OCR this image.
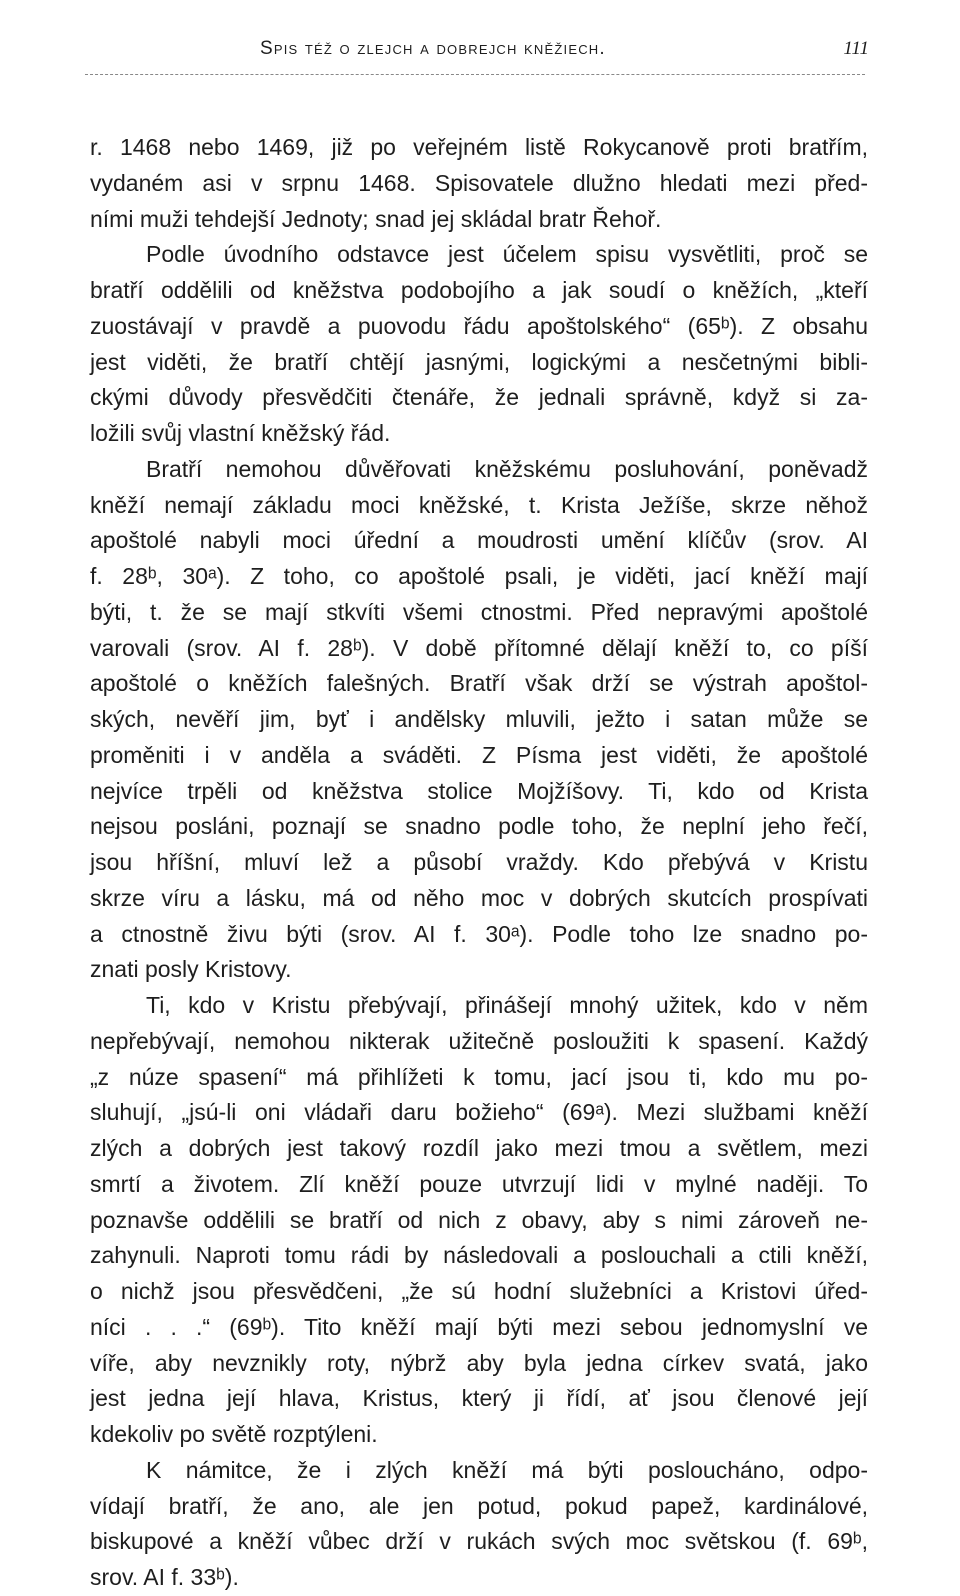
Spis též o zlejch a dobrejch kněžiech.	111
r. 1468 nebo 1469, již po veřejném listě Rokycanově proti bratřím,
vydaném asi v srpnu 1468. Spisovatele dlužno hledati mezi před-
ními muži tehdejší Jednoty; snad jej skládal bratr Řehoř.
Podle úvodního odstavce jest účelem spisu vysvětliti, proč se
bratří oddělili od kněžstva podobojího a jak soudí o kněžích, „kteří
zuostávají v pravdě a puovodu řádu apoštolského“ (65ᵇ). Z obsahu
jest viděti, že bratří chtějí jasnými, logickými a nesčetnými bibli-
ckými důvody přesvědčiti čtenáře, že jednali správně, když si za-
ložili svůj vlastní kněžský řád.
Bratří nemohou důvěřovati kněžskému posluhování, poněvadž
kněží nemají základu moci kněžské, t. Krista Ježíše, skrze něhož
apoštolé nabyli moci úřední a moudrosti umění klíčův (srov. AI
f. 28ᵇ, 30ᵃ). Z toho, co apoštolé psali, je viděti, jací kněží mají
býti, t. že se mají stkvíti všemi ctnostmi. Před nepravými apoštolé
varovali (srov. AI f. 28ᵇ). V době přítomné dělají kněží to, co píší
apoštolé o kněžích falešných. Bratří však drží se výstrah apoštol-
ských, nevěří jim, byť i andělsky mluvili, ježto i satan může se
proměniti i v anděla a sváděti. Z Písma jest viděti, že apoštolé
nejvíce trpěli od kněžstva stolice Mojžíšovy. Ti, kdo od Krista
nejsou posláni, poznají se snadno podle toho, že neplní jeho řečí,
jsou hříšní, mluví lež a působí vraždy. Kdo přebývá v Kristu
skrze víru a lásku, má od něho moc v dobrých skutcích prospívati
a ctnostně živu býti (srov. AI f. 30ᵃ). Podle toho lze snadno po-
znati posly Kristovy.
Ti, kdo v Kristu přebývají, přinášejí mnohý užitek, kdo v něm
nepřebývají, nemohou nikterak užitečně posloužiti k spasení. Každý
„z núze spasení“ má přihlížeti k tomu, jací jsou ti, kdo mu po-
sluhují, „jsú-li oni vládaři daru božieho“ (69ᵃ). Mezi službami kněží
zlých a dobrých jest takový rozdíl jako mezi tmou a světlem, mezi
smrtí a životem. Zlí kněží pouze utvrzují lidi v mylné naději. To
poznavše oddělili se bratří od nich z obavy, aby s nimi zároveň ne-
zahynuli. Naproti tomu rádi by následovali a poslouchali a ctili kněží,
o nichž jsou přesvědčeni, „že sú hodní služebníci a Kristovi úřed-
níci . . .“ (69ᵇ). Tito kněží mají býti mezi sebou jednomyslní ve
víře, aby nevznikly roty, nýbrž aby byla jedna církev svatá, jako
jest jedna její hlava, Kristus, který ji řídí, ať jsou členové její
kdekoliv po světě rozptýleni.
K námitce, že i zlých kněží má býti posloucháno, odpo-
vídají bratří, že ano, ale jen potud, pokud papež, kardinálové,
biskupové a kněží vůbec drží v rukách svých moc světskou (f. 69ᵇ,
srov. AI f. 33ᵇ).
